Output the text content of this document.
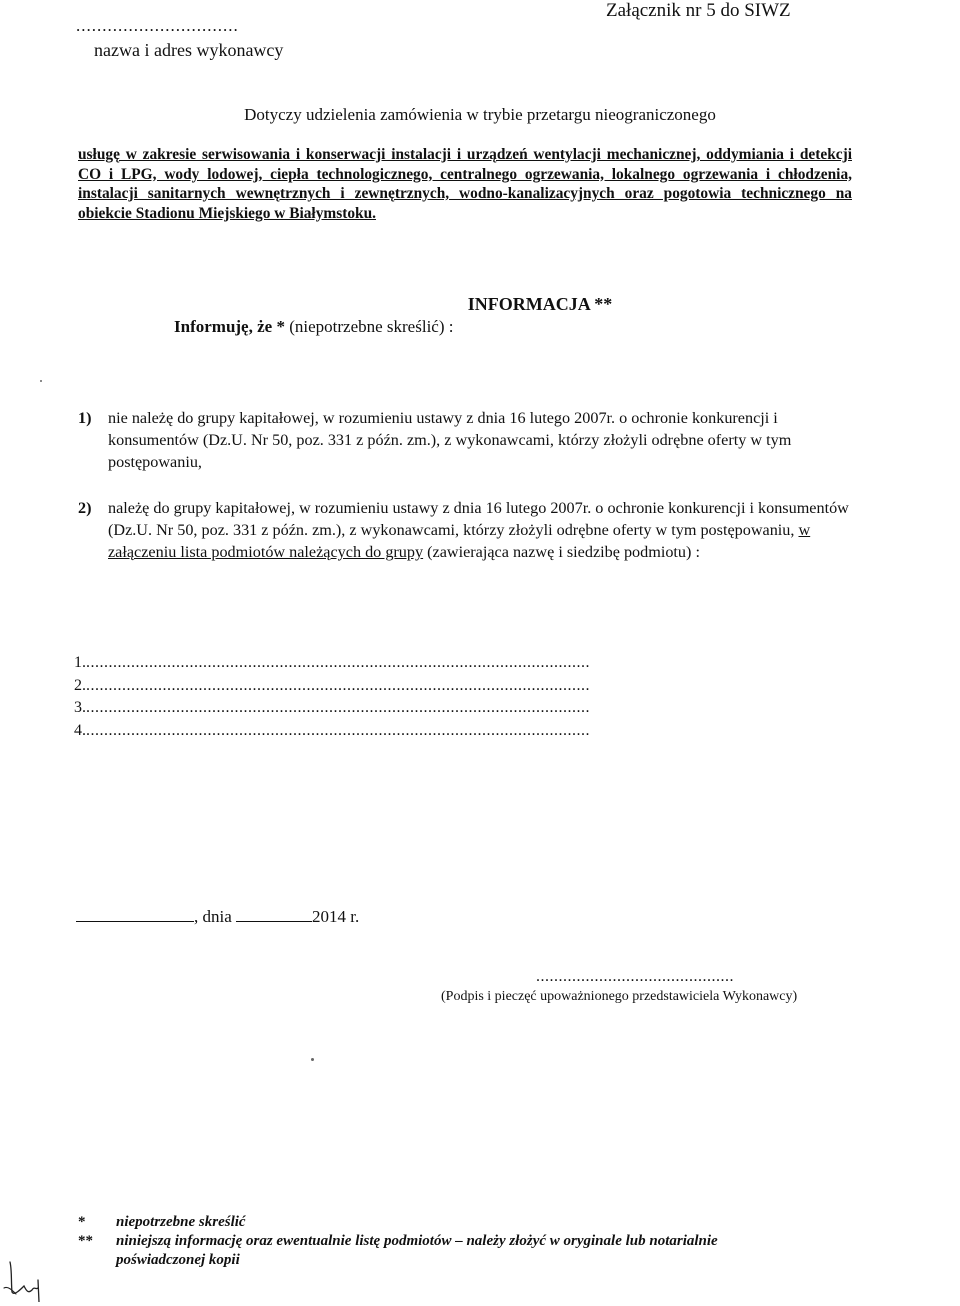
Załącznik nr 5 do SIWZ
...............................
nazwa i adres wykonawcy
Dotyczy udzielenia zamówienia w trybie przetargu nieograniczonego
usługę w zakresie serwisowania i konserwacji instalacji i urządzeń wentylacji mechanicznej, oddymiania i detekcji CO i LPG, wody lodowej, ciepła technologicznego, centralnego ogrzewania, lokalnego ogrzewania i chłodzenia, instalacji sanitarnych wewnętrznych i zewnętrznych, wodno-kanalizacyjnych oraz pogotowia technicznego na obiekcie Stadionu Miejskiego w Białymstoku.
INFORMACJA **
Informuję, że * (niepotrzebne skreślić) :
1) nie należę do grupy kapitałowej, w rozumieniu ustawy z dnia 16 lutego 2007r. o ochronie konkurencji i konsumentów (Dz.U. Nr 50, poz. 331 z późn. zm.), z wykonawcami, którzy złożyli odrębne oferty w tym postępowaniu,
2) należę do grupy kapitałowej, w rozumieniu ustawy z dnia 16 lutego 2007r. o ochronie konkurencji i konsumentów (Dz.U. Nr 50, poz. 331 z późn. zm.), z wykonawcami, którzy złożyli odrębne oferty w tym postępowaniu, w załączeniu lista podmiotów należących do grupy (zawierająca nazwę i siedzibę podmiotu) :
1.................................................................................................................
2.................................................................................................................
3.................................................................................................................
4.................................................................................................................
, dnia	2014 r.
............................................
(Podpis i pieczęć upoważnionego przedstawiciela Wykonawcy)
* niepotrzebne skreślić
** niniejszą informację oraz ewentualnie listę podmiotów – należy złożyć w oryginale lub notarialnie
poświadczonej kopii
